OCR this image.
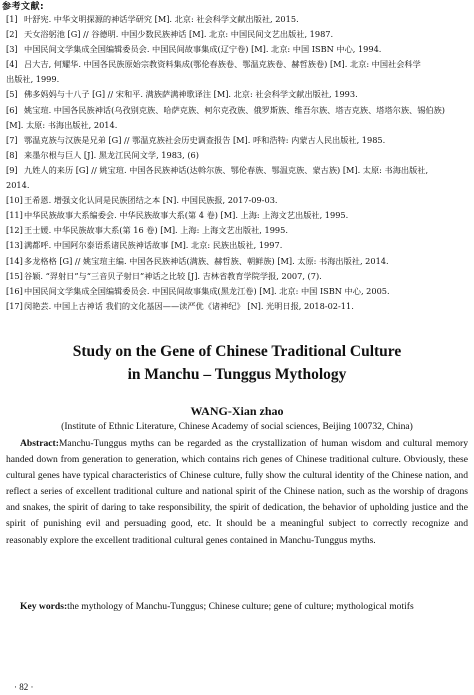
参考文献:
[1] 叶舒宪. 中华文明探源的神话学研究 [M]. 北京: 社会科学文献出版社, 2015.
[2] 天女浴躬池 [G] // 谷德明. 中国少数民族神话 [M]. 北京: 中国民间文艺出版社, 1987.
[3] 中国民间文学集成全国编辑委员会. 中国民间故事集成(辽宁卷) [M]. 北京: 中国 ISBN 中心, 1994.
[4] 吕大吉, 何耀华. 中国各民族原始宗教资料集成(鄂伦春族卷、鄂温克族卷、赫哲族卷) [M]. 北京: 中国社会科学
出版社, 1999.
[5] 佛多妈妈与十八子 [G] // 宋和平. 满族萨满神歌译注 [M]. 北京: 社会科学文献出版社, 1993.
[6] 姚宝瑄. 中国各民族神话(乌孜别克族、哈萨克族、柯尔克孜族、俄罗斯族、维吾尔族、塔吉克族、塔塔尔族、锡伯族)
[M]. 太原: 书海出版社, 2014.
[7] 鄂温克族与汉族是兄弟 [G] // 鄂温克族社会历史调查报告 [M]. 呼和浩特: 内蒙古人民出版社, 1985.
[8] 来墨尔根与巨人 [J]. 黑龙江民间文学, 1983, (6)
[9] 九姓人的来历 [G] // 姚宝瑄. 中国各民族神话(达斡尔族、鄂伦春族、鄂温克族、蒙古族) [M]. 太原: 书海出版社,
2014.
[10]王希恩. 增强文化认同是民族团结之本 [N]. 中国民族报, 2017-09-03.
[11]中华民族故事大系编委会. 中华民族故事大系(第 4 卷) [M]. 上海: 上海文艺出版社, 1995.
[12]王士媛. 中华民族故事大系(第 16 卷) [M]. 上海: 上海文艺出版社, 1995.
[13]满都呼. 中国阿尔泰语系诸民族神话故事 [M]. 北京: 民族出版社, 1997.
[14]多龙格格 [G] // 姚宝瑄主编. 中国各民族神话(满族、赫哲族、朝鲜族) [M]. 太原: 书海出版社, 2014.
[15]谷颖. “羿射日”与“三音贝子射日”神话之比较 [J]. 吉林省教育学院学报, 2007, (7).
[16]中国民间文学集成全国编辑委员会. 中国民间故事集成(黑龙江卷) [M]. 北京: 中国 ISBN 中心, 2005.
[17]闵艳芸. 中国上古神话 我们的文化基因——读严优《诸神纪》 [N]. 光明日报, 2018-02-11.
Study on the Gene of Chinese Traditional Culture
in Manchu – Tunggus Mythology
WANG-Xian zhao
(Institute of Ethnic Literature, Chinese Academy of social sciences, Beijing 100732, China)
Abstract:Manchu-Tunggus myths can be regarded as the crystallization of human wisdom and cultural memory handed down from generation to generation, which contains rich genes of Chinese traditional culture. Obviously, these cultural genes have typical characteristics of Chinese culture, fully show the cultural identity of the Chinese nation, and reflect a series of excellent traditional culture and national spirit of the Chinese nation, such as the worship of dragons and snakes, the spirit of daring to take responsibility, the spirit of dedication, the behavior of upholding justice and the spirit of punishing evil and persuading good, etc. It should be a meaningful subject to correctly recognize and reasonably explore the excellent traditional cultural genes contained in Manchu-Tunggus myths.
Key words:the mythology of Manchu-Tunggus; Chinese culture; gene of culture; mythological motifs
· 82 ·
